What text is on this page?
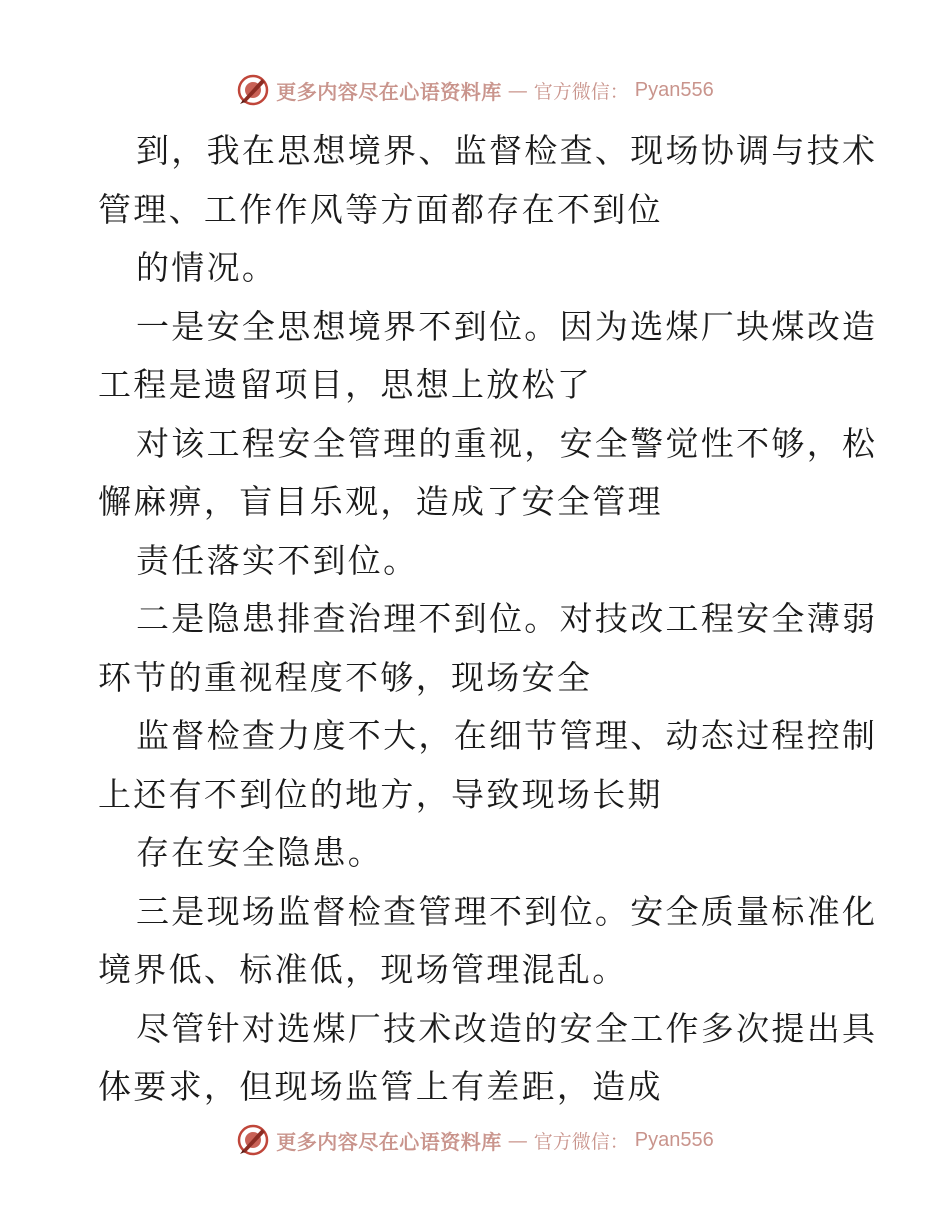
更多内容尽在心语资料库 — 官方微信： Pyan556
到，我在思想境界、监督检查、现场协调与技术
管理、工作作风等方面都存在不到位
的情况。
一是安全思想境界不到位。因为选煤厂块煤改造
工程是遗留项目，思想上放松了
对该工程安全管理的重视，安全警觉性不够，松
懈麻痹，盲目乐观，造成了安全管理
责任落实不到位。
二是隐患排查治理不到位。对技改工程安全薄弱
环节的重视程度不够，现场安全
监督检查力度不大，在细节管理、动态过程控制
上还有不到位的地方，导致现场长期
存在安全隐患。
三是现场监督检查管理不到位。安全质量标准化
境界低、标准低，现场管理混乱。
尽管针对选煤厂技术改造的安全工作多次提出具
体要求，但现场监管上有差距，造成
更多内容尽在心语资料库 — 官方微信： Pyan556
